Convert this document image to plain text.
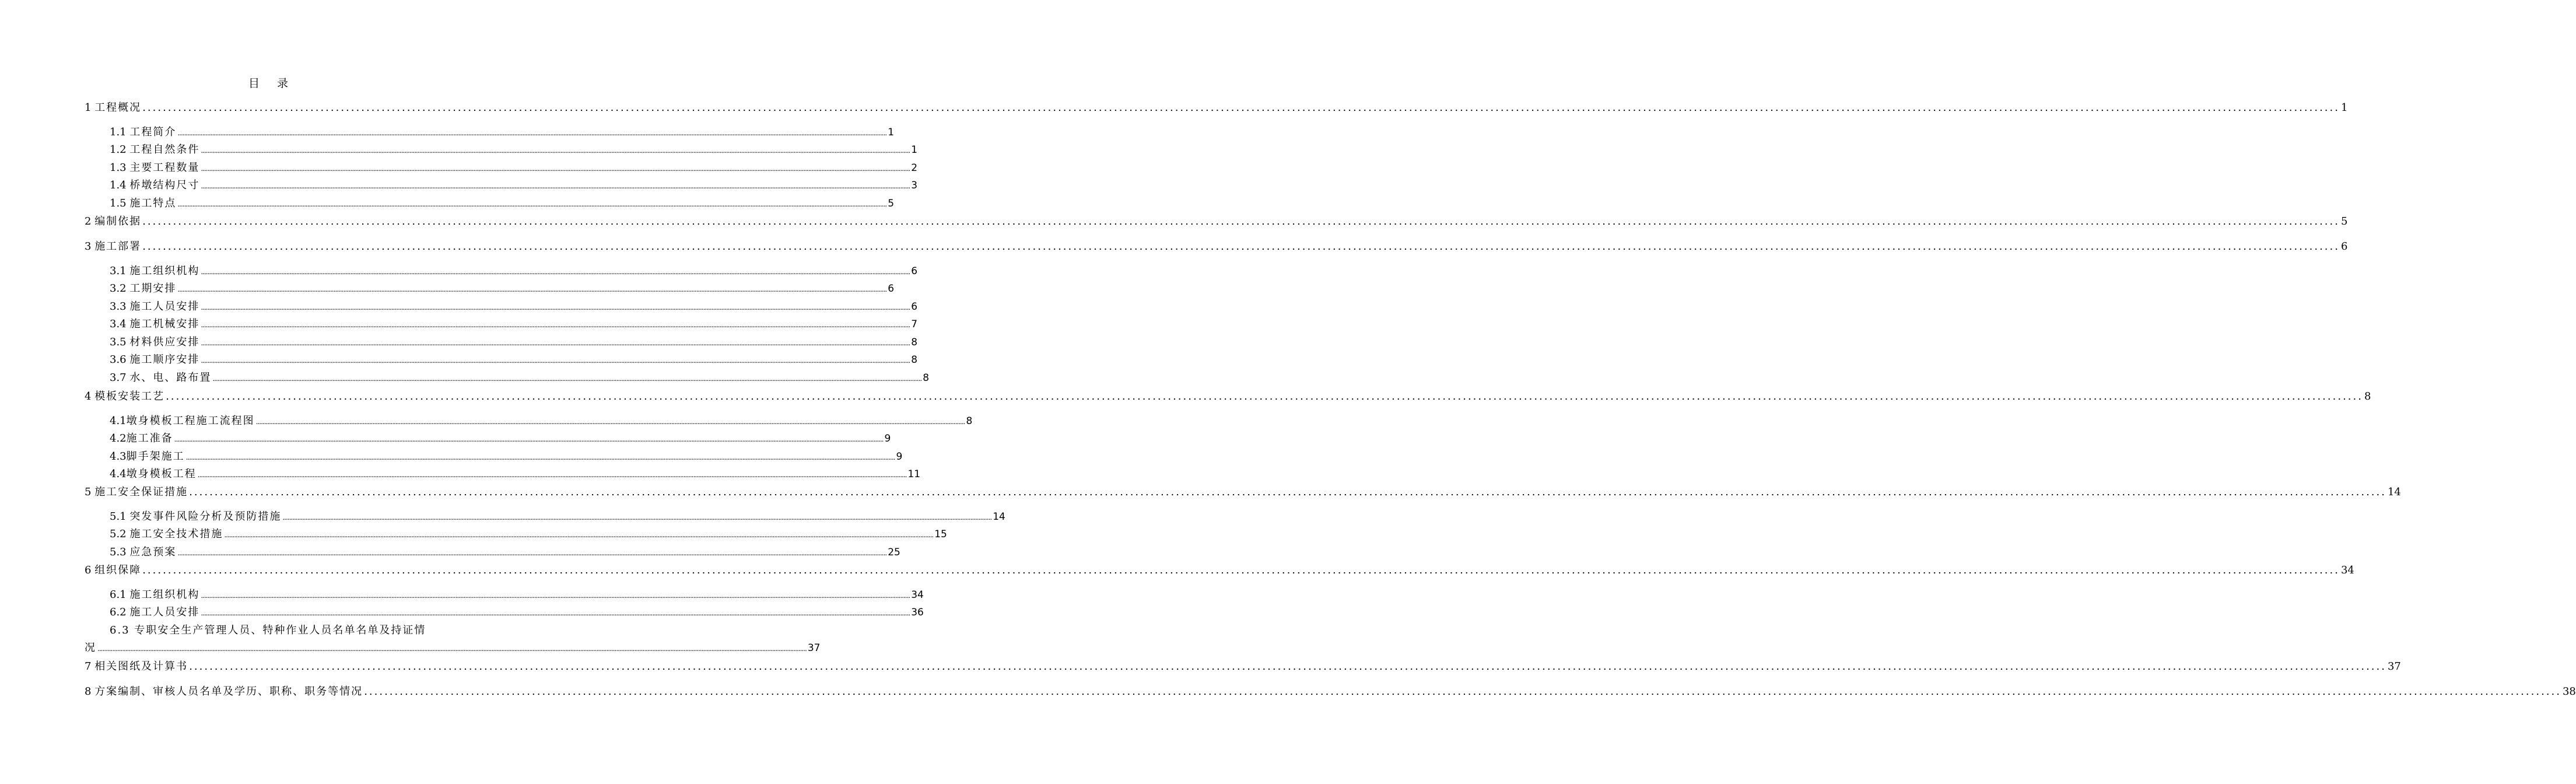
目录
1 工程概况 ................................................................................................................................................................................................................................................................................................................................................................................................................................................ 1
1.1 工程简介 ................................................................................................................................................................................................................................................................................................................................................................................................................................................ 1
1.2 工程自然条件 ................................................................................................................................................................................................................................................................................................................................................................................................................................................ 1
1.3 主要工程数量 ................................................................................................................................................................................................................................................................................................................................................................................................................................................ 2
1.4 桥墩结构尺寸 ................................................................................................................................................................................................................................................................................................................................................................................................................................................ 3
1.5 施工特点 ................................................................................................................................................................................................................................................................................................................................................................................................................................................ 5
2 编制依据 ................................................................................................................................................................................................................................................................................................................................................................................................................................................ 5
3 施工部署 ................................................................................................................................................................................................................................................................................................................................................................................................................................................ 6
3.1 施工组织机构 ................................................................................................................................................................................................................................................................................................................................................................................................................................................ 6
3.2 工期安排 ................................................................................................................................................................................................................................................................................................................................................................................................................................................ 6
3.3 施工人员安排 ................................................................................................................................................................................................................................................................................................................................................................................................................................................ 6
3.4 施工机械安排 ................................................................................................................................................................................................................................................................................................................................................................................................................................................ 7
3.5 材料供应安排 ................................................................................................................................................................................................................................................................................................................................................................................................................................................ 8
3.6 施工顺序安排 ................................................................................................................................................................................................................................................................................................................................................................................................................................................ 8
3.7 水、电、路布置 ................................................................................................................................................................................................................................................................................................................................................................................................................................................ 8
4 模板安装工艺 ................................................................................................................................................................................................................................................................................................................................................................................................................................................ 8
4.1 墩身模板工程施工流程图 ................................................................................................................................................................................................................................................................................................................................................................................................................................................ 8
4.2 施工准备 ................................................................................................................................................................................................................................................................................................................................................................................................................................................ 9
4.3 脚手架施工 ................................................................................................................................................................................................................................................................................................................................................................................................................................................ 9
4.4 墩身模板工程 ................................................................................................................................................................................................................................................................................................................................................................................................................................................ 11
5 施工安全保证措施 ................................................................................................................................................................................................................................................................................................................................................................................................................................................ 14
5.1 突发事件风险分析及预防措施 ................................................................................................................................................................................................................................................................................................................................................................................................................................................ 14
5.2 施工安全技术措施 ................................................................................................................................................................................................................................................................................................................................................................................................................................................ 15
5.3 应急预案 ................................................................................................................................................................................................................................................................................................................................................................................................................................................ 25
6 组织保障 ................................................................................................................................................................................................................................................................................................................................................................................................................................................ 34
6.1 施工组织机构 ................................................................................................................................................................................................................................................................................................................................................................................................................................................ 34
6.2 施工人员安排 ................................................................................................................................................................................................................................................................................................................................................................................................................................................ 36
6.3 专职安全生产管理人员、特种作业人员名单名单及持证情
况 ................................................................................................................................................................................................................................................................................................................................................................................................................................................ 37
7 相关图纸及计算书 ................................................................................................................................................................................................................................................................................................................................................................................................................................................ 37
8 方案编制、审核人员名单及学历、职称、职务等情况 ................................................................................................................................................................................................................................................................................................................................................................................................................................................ 38
